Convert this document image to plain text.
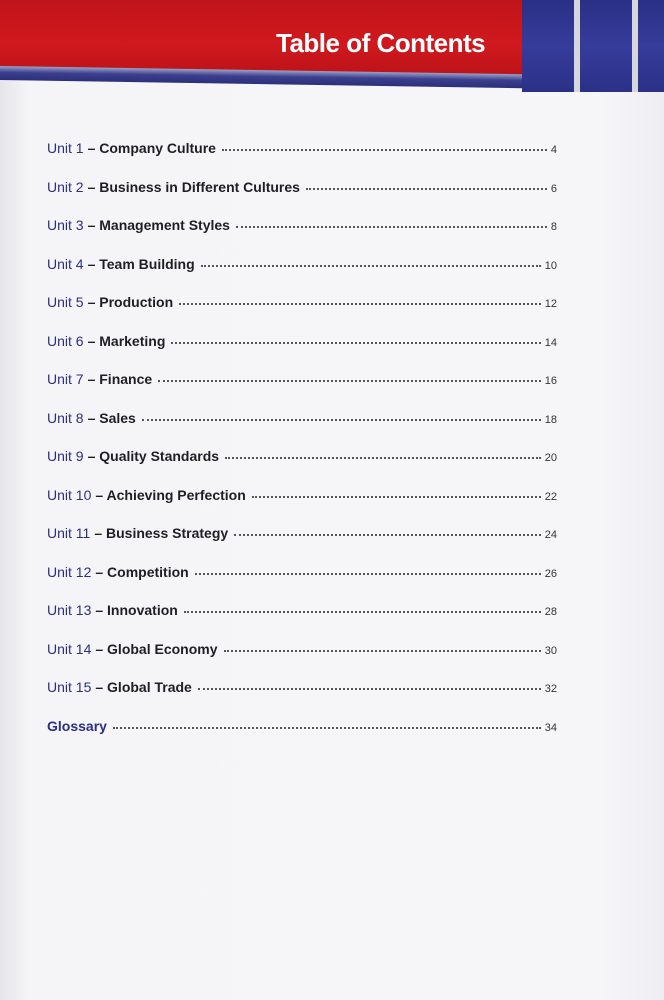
Table of Contents
Unit 1 – Company Culture	4
Unit 2 – Business in Different Cultures	6
Unit 3 – Management Styles	8
Unit 4 – Team Building	10
Unit 5 – Production	12
Unit 6 – Marketing	14
Unit 7 – Finance	16
Unit 8 – Sales	18
Unit 9 – Quality Standards	20
Unit 10 – Achieving Perfection	22
Unit 11 – Business Strategy	24
Unit 12 – Competition	26
Unit 13 – Innovation	28
Unit 14 – Global Economy	30
Unit 15 – Global Trade	32
Glossary	34
